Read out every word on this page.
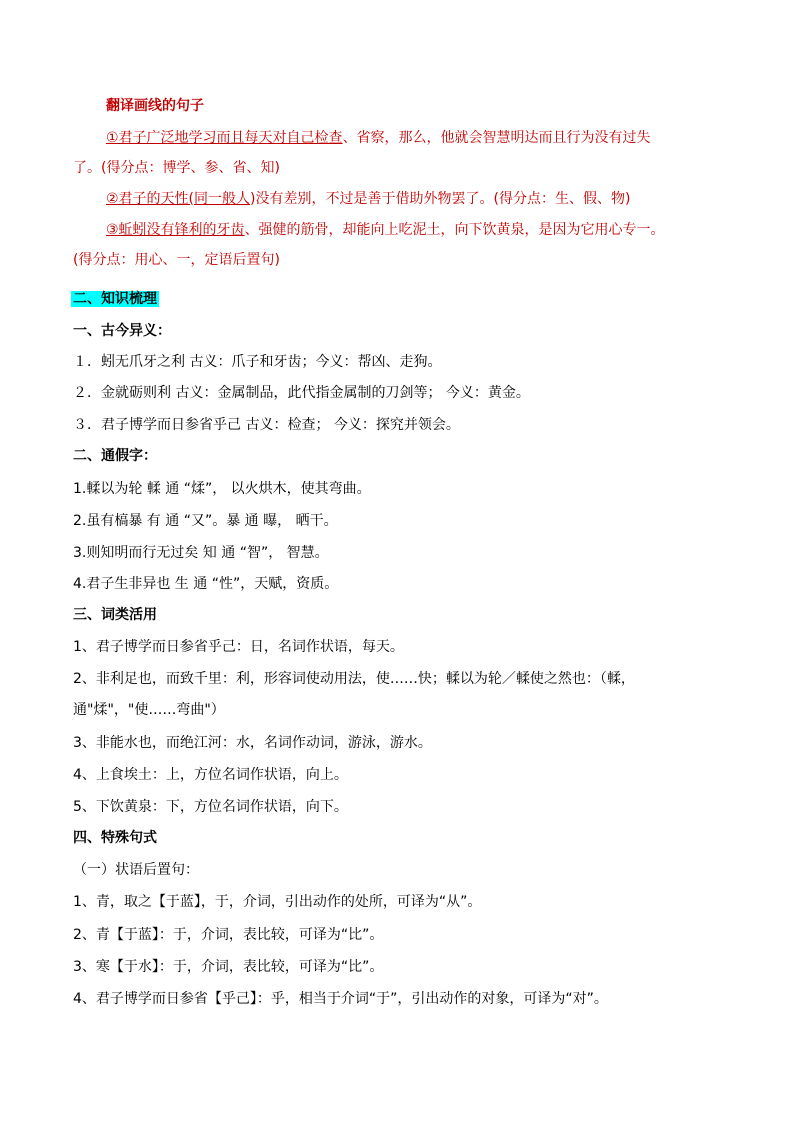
翻译画线的句子
①君子广泛地学习而且每天对自己检查、省察，那么，他就会智慧明达而且行为没有过失
了。(得分点：博学、参、省、知)
②君子的天性(同一般人)没有差别，不过是善于借助外物罢了。(得分点：生、假、物)
③蚯蚓没有锋利的牙齿、强健的筋骨，却能向上吃泥土，向下饮黄泉，是因为它用心专一。
(得分点：用心、一，定语后置句)
二、知识梳理
一、古今异义：
１．蚓无爪牙之利 古义：爪子和牙齿；今义：帮凶、走狗。
２．金就砺则利 古义：金属制品，此代指金属制的刀剑等； 今义：黄金。
３．君子博学而日参省乎己 古义：检查； 今义：探究并领会。
二、通假字：
1.輮以为轮 輮 通 “煣”， 以火烘木，使其弯曲。
2.虽有槁暴 有 通 “又”。暴 通 曝， 晒干。
3.则知明而行无过矣 知 通 “智”， 智慧。
4.君子生非异也 生 通 “性”，天赋，资质。
三、词类活用
1、君子博学而日参省乎己：日，名词作状语，每天。
2、非利足也，而致千里：利，形容词使动用法，使……快；輮以为轮／輮使之然也：（輮，
通"煣"，"使……弯曲"）
3、非能水也，而绝江河：水，名词作动词，游泳，游水。
4、上食埃土：上，方位名词作状语，向上。
5、下饮黄泉：下，方位名词作状语，向下。
四、特殊句式
（一）状语后置句：
1、青，取之【于蓝】，于，介词，引出动作的处所，可译为“从”。
2、青【于蓝】：于，介词，表比较，可译为“比”。
3、寒【于水】：于，介词，表比较，可译为“比”。
4、君子博学而日参省【乎己】：乎，相当于介词“于”，引出动作的对象，可译为“对”。
